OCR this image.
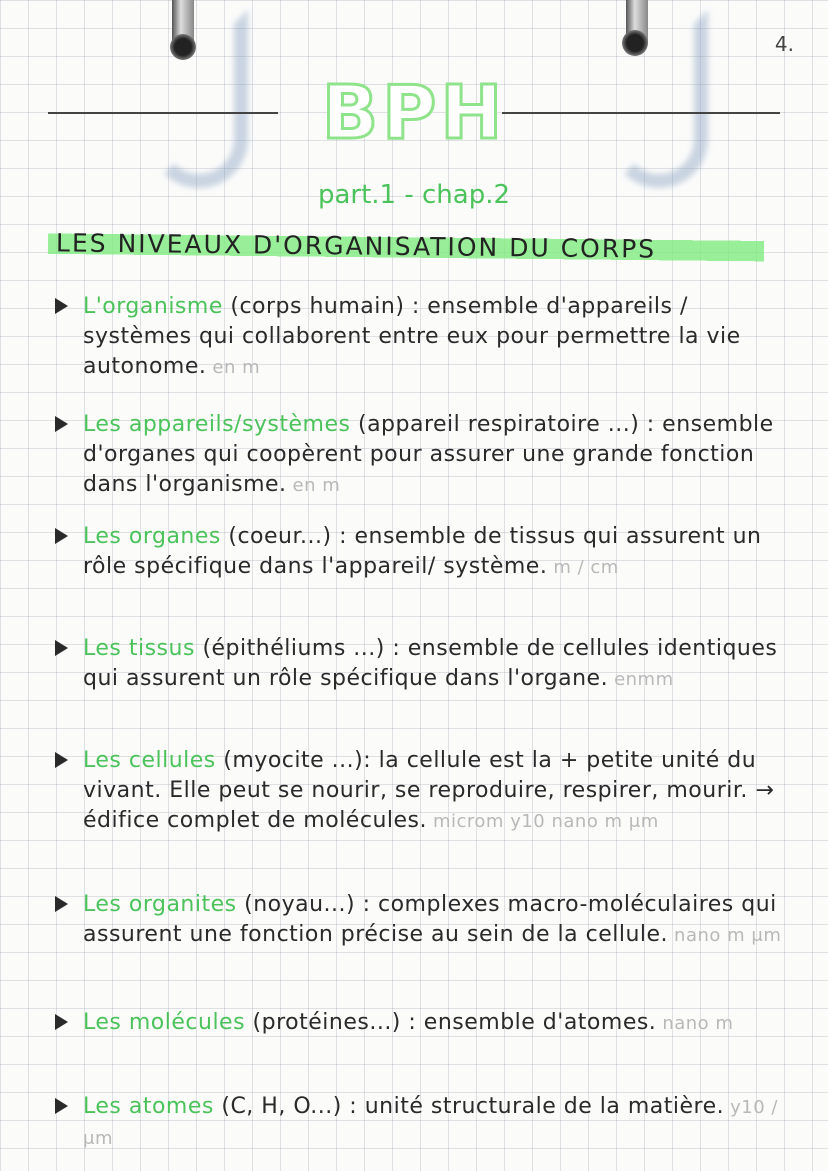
4.
BPH
part.1 - chap.2
LES NIVEAUX D'ORGANISATION DU CORPS
L'organisme (corps humain) : ensemble d'appareils / systèmes qui collaborent entre eux pour permettre la vie autonome. en m
Les appareils/systèmes (appareil respiratoire ...) : ensemble d'organes qui coopèrent pour assurer une grande fonction dans l'organisme. en m
Les organes (coeur...) : ensemble de tissus qui assurent un rôle spécifique dans l'appareil/ système. m / cm
Les tissus (épithéliums ...) : ensemble de cellules identiques qui assurent un rôle spécifique dans l'organe. enmm
Les cellules (myocite ...): la cellule est la + petite unité du vivant. Elle peut se nourir, se reproduire, respirer, mourir. → édifice complet de molécules. microm y10 nano m μm
Les organites (noyau...) : complexes macro-moléculaires qui assurent une fonction précise au sein de la cellule. nano m μm
Les molécules (protéines...) : ensemble d'atomes. nano m
Les atomes (C, H, O...) : unité structurale de la matière. y10 / μm
